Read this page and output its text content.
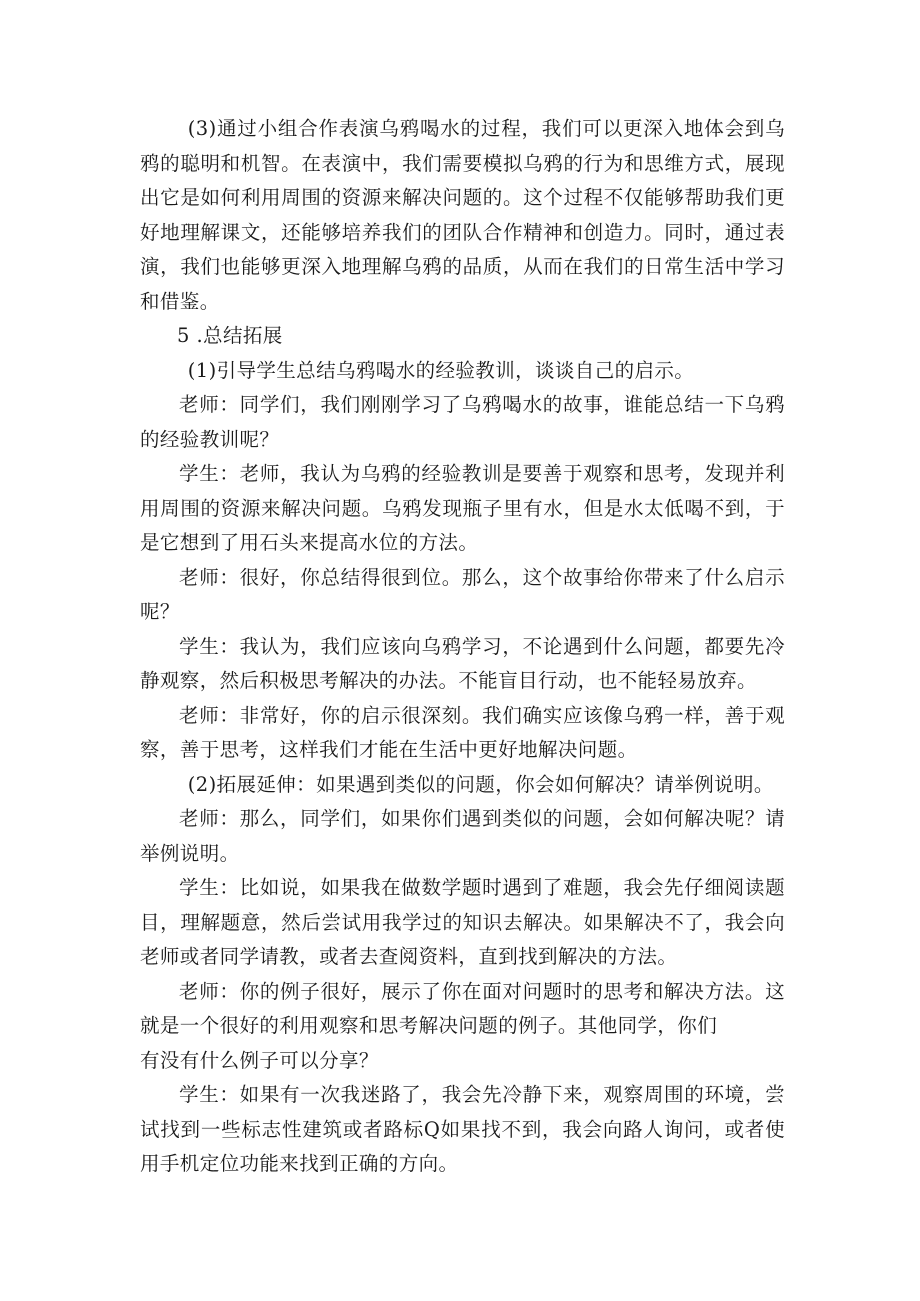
(3)通过小组合作表演乌鸦喝水的过程，我们可以更深入地体会到乌鸦的聪明和机智。在表演中，我们需要模拟乌鸦的行为和思维方式，展现出它是如何利用周围的资源来解决问题的。这个过程不仅能够帮助我们更好地理解课文，还能够培养我们的团队合作精神和创造力。同时，通过表演，我们也能够更深入地理解乌鸦的品质，从而在我们的日常生活中学习和借鉴。

5 .总结拓展

(1)引导学生总结乌鸦喝水的经验教训，谈谈自己的启示。

老师：同学们，我们刚刚学习了乌鸦喝水的故事，谁能总结一下乌鸦的经验教训呢？

学生：老师，我认为乌鸦的经验教训是要善于观察和思考，发现并利用周围的资源来解决问题。乌鸦发现瓶子里有水，但是水太低喝不到，于是它想到了用石头来提高水位的方法。

老师：很好，你总结得很到位。那么，这个故事给你带来了什么启示呢？

学生：我认为，我们应该向乌鸦学习，不论遇到什么问题，都要先冷静观察，然后积极思考解决的办法。不能盲目行动，也不能轻易放弃。

老师：非常好，你的启示很深刻。我们确实应该像乌鸦一样，善于观察，善于思考，这样我们才能在生活中更好地解决问题。

(2)拓展延伸：如果遇到类似的问题，你会如何解决？请举例说明。

老师：那么，同学们，如果你们遇到类似的问题，会如何解决呢？请举例说明。

学生：比如说，如果我在做数学题时遇到了难题，我会先仔细阅读题目，理解题意，然后尝试用我学过的知识去解决。如果解决不了，我会向老师或者同学请教，或者去查阅资料，直到找到解决的方法。

老师：你的例子很好，展示了你在面对问题时的思考和解决方法。这就是一个很好的利用观察和思考解决问题的例子。其他同学，你们

有没有什么例子可以分享？

学生：如果有一次我迷路了，我会先冷静下来，观察周围的环境，尝试找到一些标志性建筑或者路标Q如果找不到，我会向路人询问，或者使用手机定位功能来找到正确的方向。
